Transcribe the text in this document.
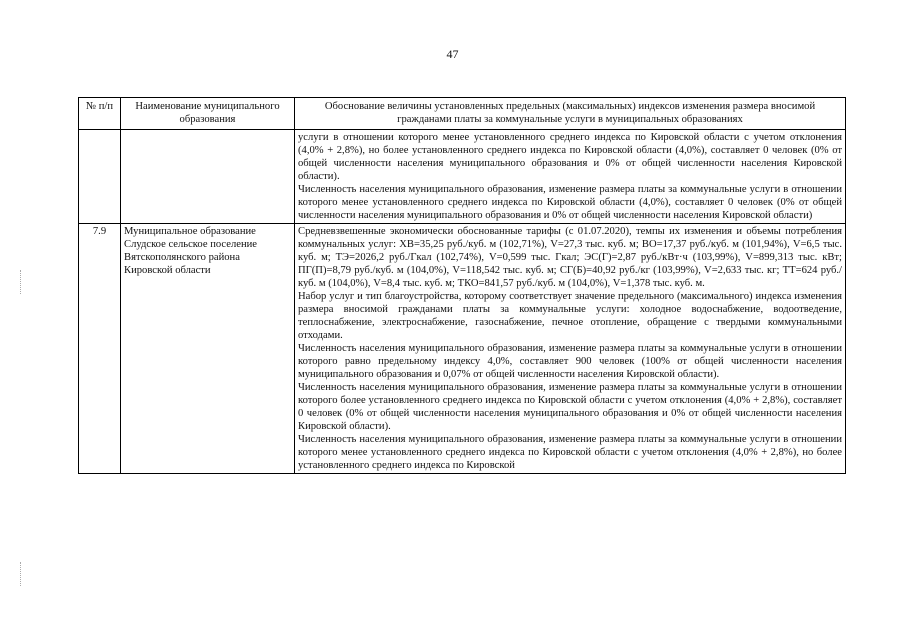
47
№ п/п	Наименование муниципального образования	Обоснование величины установленных предельных (максимальных) индексов изменения размера вносимой гражданами платы за коммунальные услуги в муниципальных образованиях

		услуги в отношении которого менее установленного среднего индекса по Кировской области с учетом отклонения (4,0% + 2,8%), но более установленного среднего индекса по Кировской области (4,0%), составляет 0 человек (0% от общей численности населения муниципального образования и 0% от общей численности населения Кировской области).

Численность населения муниципального образования, изменение размера платы за коммунальные услуги в отношении которого менее установленного среднего индекса по Кировской области (4,0%), составляет 0 человек (0% от общей численности населения муниципального образования и 0% от общей численности населения Кировской области)

7.9	Муниципальное образование Слудское сельское поселение Вятскополянского района Кировской области	Средневзвешенные экономически обоснованные тарифы (с 01.07.2020), темпы их изменения и объемы потребления коммунальных услуг: ХВ=35,25 руб./куб. м (102,71%), V=27,3 тыс. куб. м; ВО=17,37 руб./куб. м (101,94%), V=6,5 тыс. куб. м; ТЭ=2026,2 руб./Гкал (102,74%), V=0,599 тыс. Гкал; ЭС(Г)=2,87 руб./кВт·ч (103,99%), V=899,313 тыс. кВт; ПГ(П)=8,79 руб./куб. м (104,0%), V=118,542 тыс. куб. м; СГ(Б)=40,92 руб./кг (103,99%), V=2,633 тыс. кг; ТТ=624 руб./куб. м (104,0%), V=8,4 тыс. куб. м; ТКО=841,57 руб./куб. м (104,0%), V=1,378 тыс. куб. м.

Набор услуг и тип благоустройства, которому соответствует значение предельного (максимального) индекса изменения размера вносимой гражданами платы за коммунальные услуги: холодное водоснабжение, водоотведение, теплоснабжение, электроснабжение, газоснабжение, печное отопление, обращение с твердыми коммунальными отходами.

Численность населения муниципального образования, изменение размера платы за коммунальные услуги в отношении которого равно предельному индексу 4,0%, составляет 900 человек (100% от общей численности населения муниципального образования и 0,07% от общей численности населения Кировской области).

Численность населения муниципального образования, изменение размера платы за коммунальные услуги в отношении которого более установленного среднего индекса по Кировской области с учетом отклонения (4,0% + 2,8%), составляет 0 человек (0% от общей численности населения муниципального образования и 0% от общей численности населения Кировской области).

Численность населения муниципального образования, изменение размера платы за коммунальные услуги в отношении которого менее установленного среднего индекса по Кировской области с учетом отклонения (4,0% + 2,8%), но более установленного среднего индекса по Кировской
